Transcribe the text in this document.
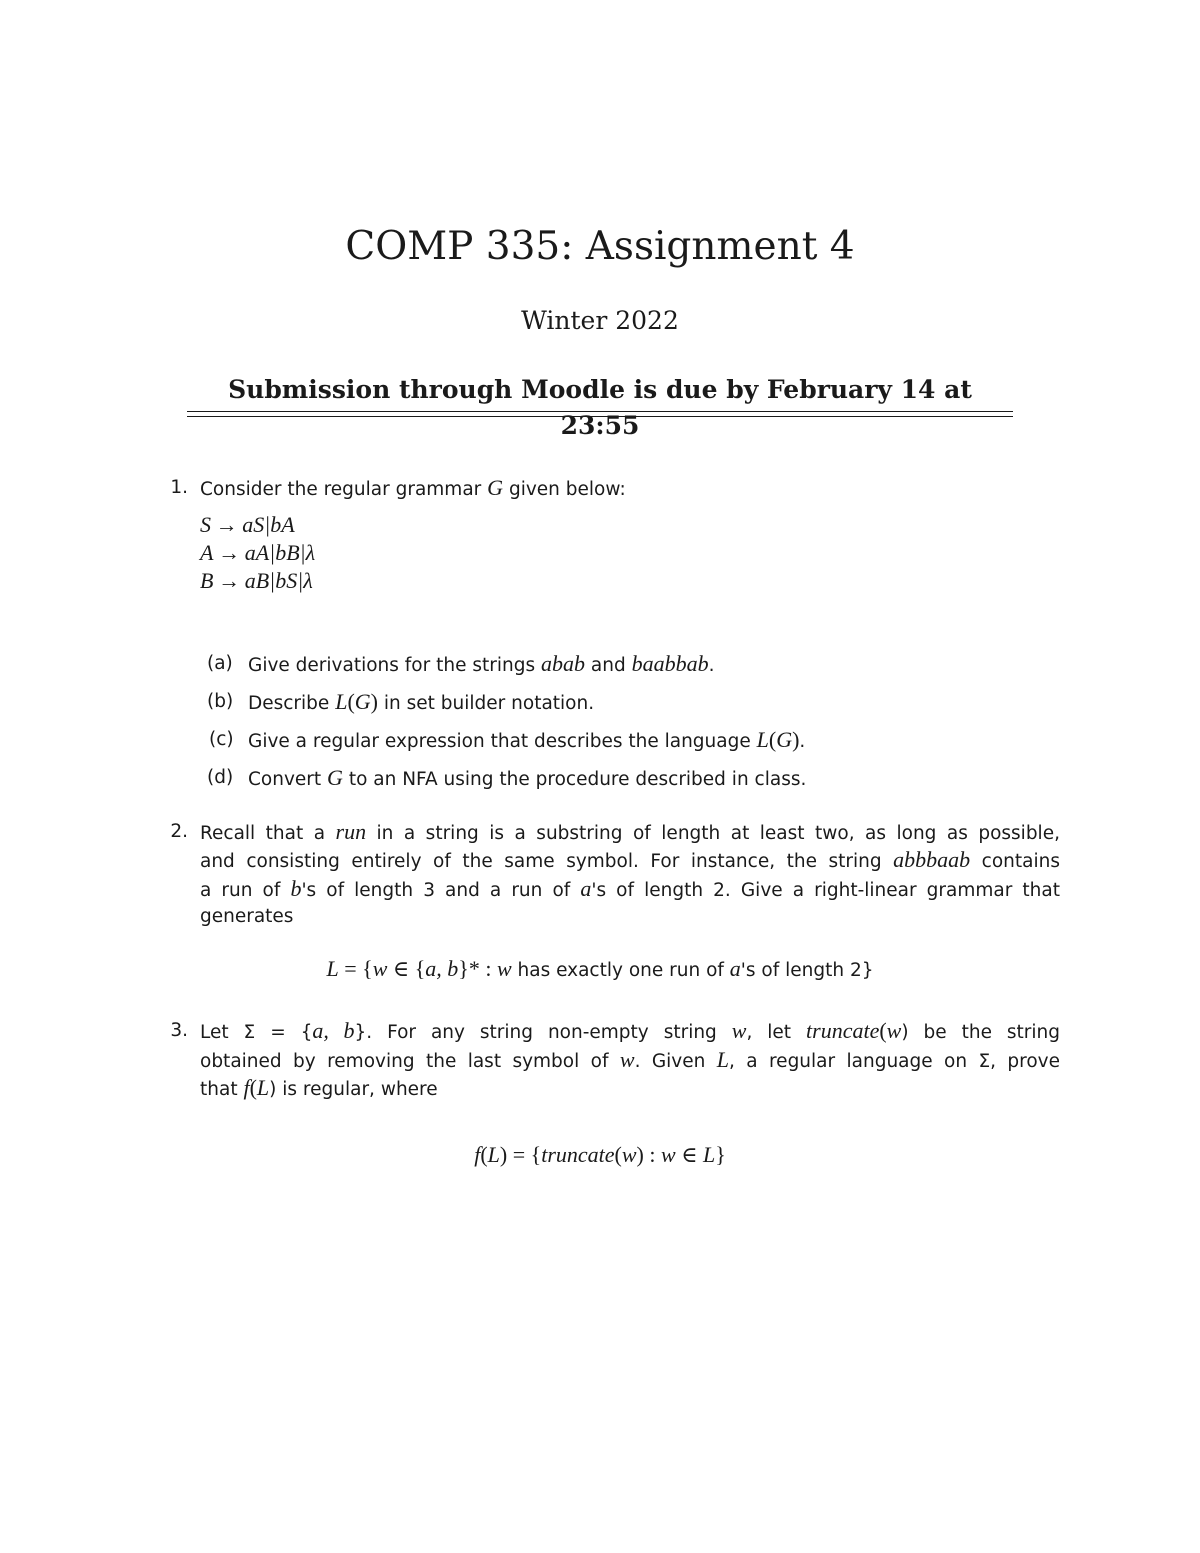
COMP 335: Assignment 4
Winter 2022
Submission through Moodle is due by February 14 at 23:55
1. Consider the regular grammar G given below:
S → aS|bA
A → aA|bB|λ
B → aB|bS|λ
(a) Give derivations for the strings abab and baabbab.
(b) Describe L(G) in set builder notation.
(c) Give a regular expression that describes the language L(G).
(d) Convert G to an NFA using the procedure described in class.
2. Recall that a run in a string is a substring of length at least two, as long as possible,
and consisting entirely of the same symbol. For instance, the string abbbaab contains
a run of b's of length 3 and a run of a's of length 2. Give a right-linear grammar that
generates
L = {w ∈ {a, b}* : w has exactly one run of a's of length 2}
3. Let Σ = {a, b}. For any string non-empty string w, let truncate(w) be the string
obtained by removing the last symbol of w. Given L, a regular language on Σ, prove
that f(L) is regular, where
f(L) = {truncate(w) : w ∈ L}
